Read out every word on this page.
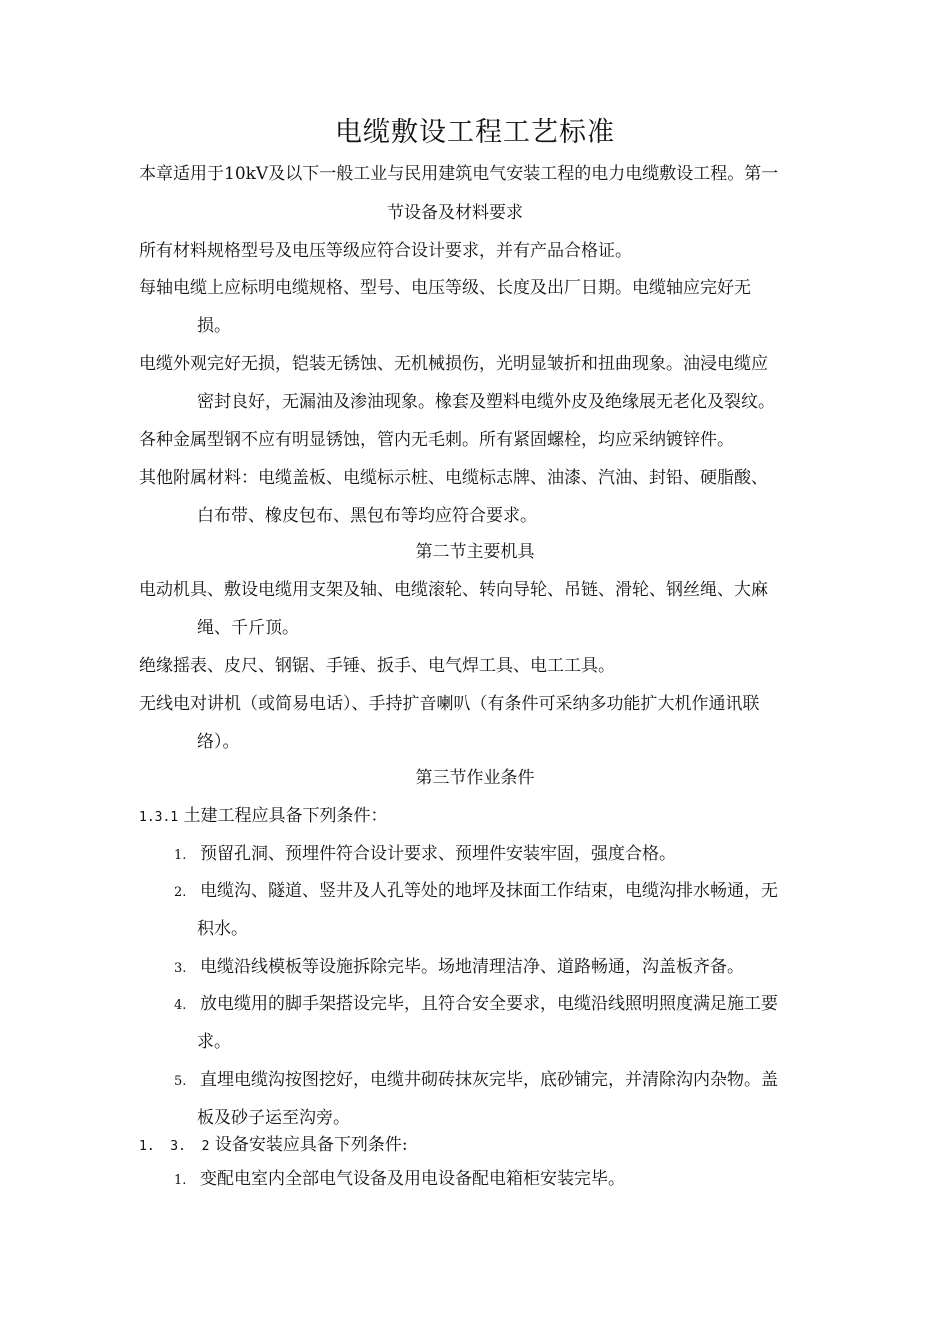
电缆敷设工程工艺标准
本章适用于10kV及以下一般工业与民用建筑电气安装工程的电力电缆敷设工程。第一
节设备及材料要求
所有材料规格型号及电压等级应符合设计要求，并有产品合格证。
每轴电缆上应标明电缆规格、型号、电压等级、长度及出厂日期。电缆轴应完好无
损。
电缆外观完好无损，铠装无锈蚀、无机械损伤，光明显皱折和扭曲现象。油浸电缆应
密封良好，无漏油及渗油现象。橡套及塑料电缆外皮及绝缘展无老化及裂纹。
各种金属型钢不应有明显锈蚀，管内无毛刺。所有紧固螺栓，均应采纳镀锌件。
其他附属材料：电缆盖板、电缆标示桩、电缆标志牌、油漆、汽油、封铅、硬脂酸、
白布带、橡皮包布、黑包布等均应符合要求。
第二节主要机具
电动机具、敷设电缆用支架及轴、电缆滚轮、转向导轮、吊链、滑轮、钢丝绳、大麻
绳、千斤顶。
绝缘摇表、皮尺、钢锯、手锤、扳手、电气焊工具、电工工具。
无线电对讲机（或简易电话）、手持扩音喇叭（有条件可采纳多功能扩大机作通讯联
络）。
第三节作业条件
1.3.1 土建工程应具备下列条件：
1. 预留孔洞、预埋件符合设计要求、预埋件安装牢固，强度合格。
2. 电缆沟、隧道、竖井及人孔等处的地坪及抹面工作结束，电缆沟排水畅通，无
积水。
3. 电缆沿线模板等设施拆除完毕。场地清理洁净、道路畅通，沟盖板齐备。
4. 放电缆用的脚手架搭设完毕，且符合安全要求，电缆沿线照明照度满足施工要
求。
5. 直埋电缆沟按图挖好，电缆井砌砖抹灰完毕，底砂铺完，并清除沟内杂物。盖
板及砂子运至沟旁。
1.  3.  2 设备安装应具备下列条件:
1. 变配电室内全部电气设备及用电设备配电箱柜安装完毕。
